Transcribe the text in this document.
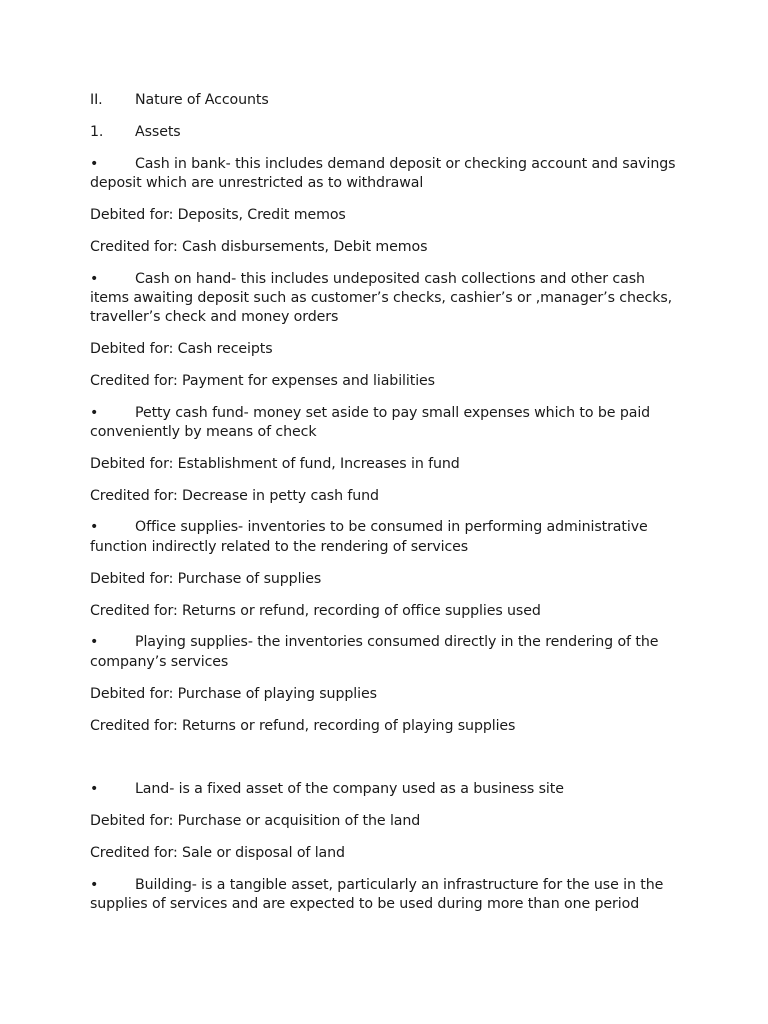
II. Nature of Accounts
1. Assets
•	Cash in bank- this includes demand deposit or checking account and savings
deposit which are unrestricted as to withdrawal
Debited for: Deposits, Credit memos
Credited for: Cash disbursements, Debit memos
•	Cash on hand- this includes undeposited cash collections and other cash
items awaiting deposit such as customer’s checks, cashier’s or ,manager’s checks,
traveller’s check and money orders
Debited for: Cash receipts
Credited for: Payment for expenses and liabilities
•	Petty cash fund- money set aside to pay small expenses which to be paid
conveniently by means of check
Debited for: Establishment of fund, Increases in fund
Credited for: Decrease in petty cash fund
•	Office supplies- inventories to be consumed in performing administrative
function indirectly related to the rendering of services
Debited for: Purchase of supplies
Credited for: Returns or refund, recording of office supplies used
•	Playing supplies- the inventories consumed directly in the rendering of the
company’s services
Debited for: Purchase of playing supplies
Credited for: Returns or refund, recording of playing supplies
•	Land- is a fixed asset of the company used as a business site
Debited for: Purchase or acquisition of the land
Credited for: Sale or disposal of land
•	Building- is a tangible asset, particularly an infrastructure for the use in the
supplies of services and are expected to be used during more than one period
